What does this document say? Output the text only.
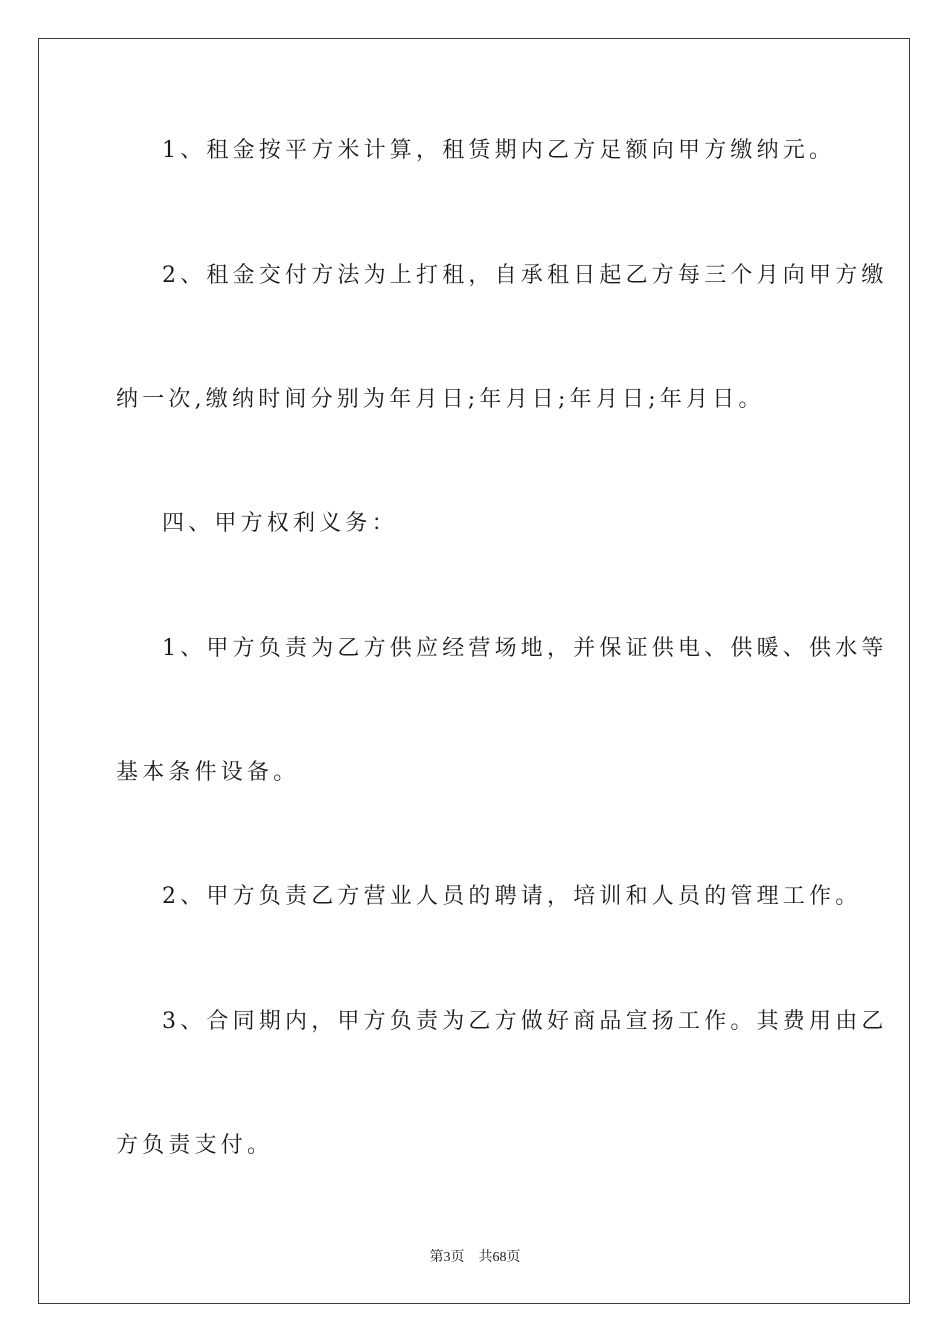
1、租金按平方米计算，租赁期内乙方足额向甲方缴纳元。
2、租金交付方法为上打租，自承租日起乙方每三个月向甲方缴
纳一次,缴纳时间分别为年月日;年月日;年月日;年月日。
四、甲方权利义务：
1、甲方负责为乙方供应经营场地，并保证供电、供暖、供水等
基本条件设备。
2、甲方负责乙方营业人员的聘请，培训和人员的管理工作。
3、合同期内，甲方负责为乙方做好商品宣扬工作。其费用由乙
方负责支付。
第3页 共68页
